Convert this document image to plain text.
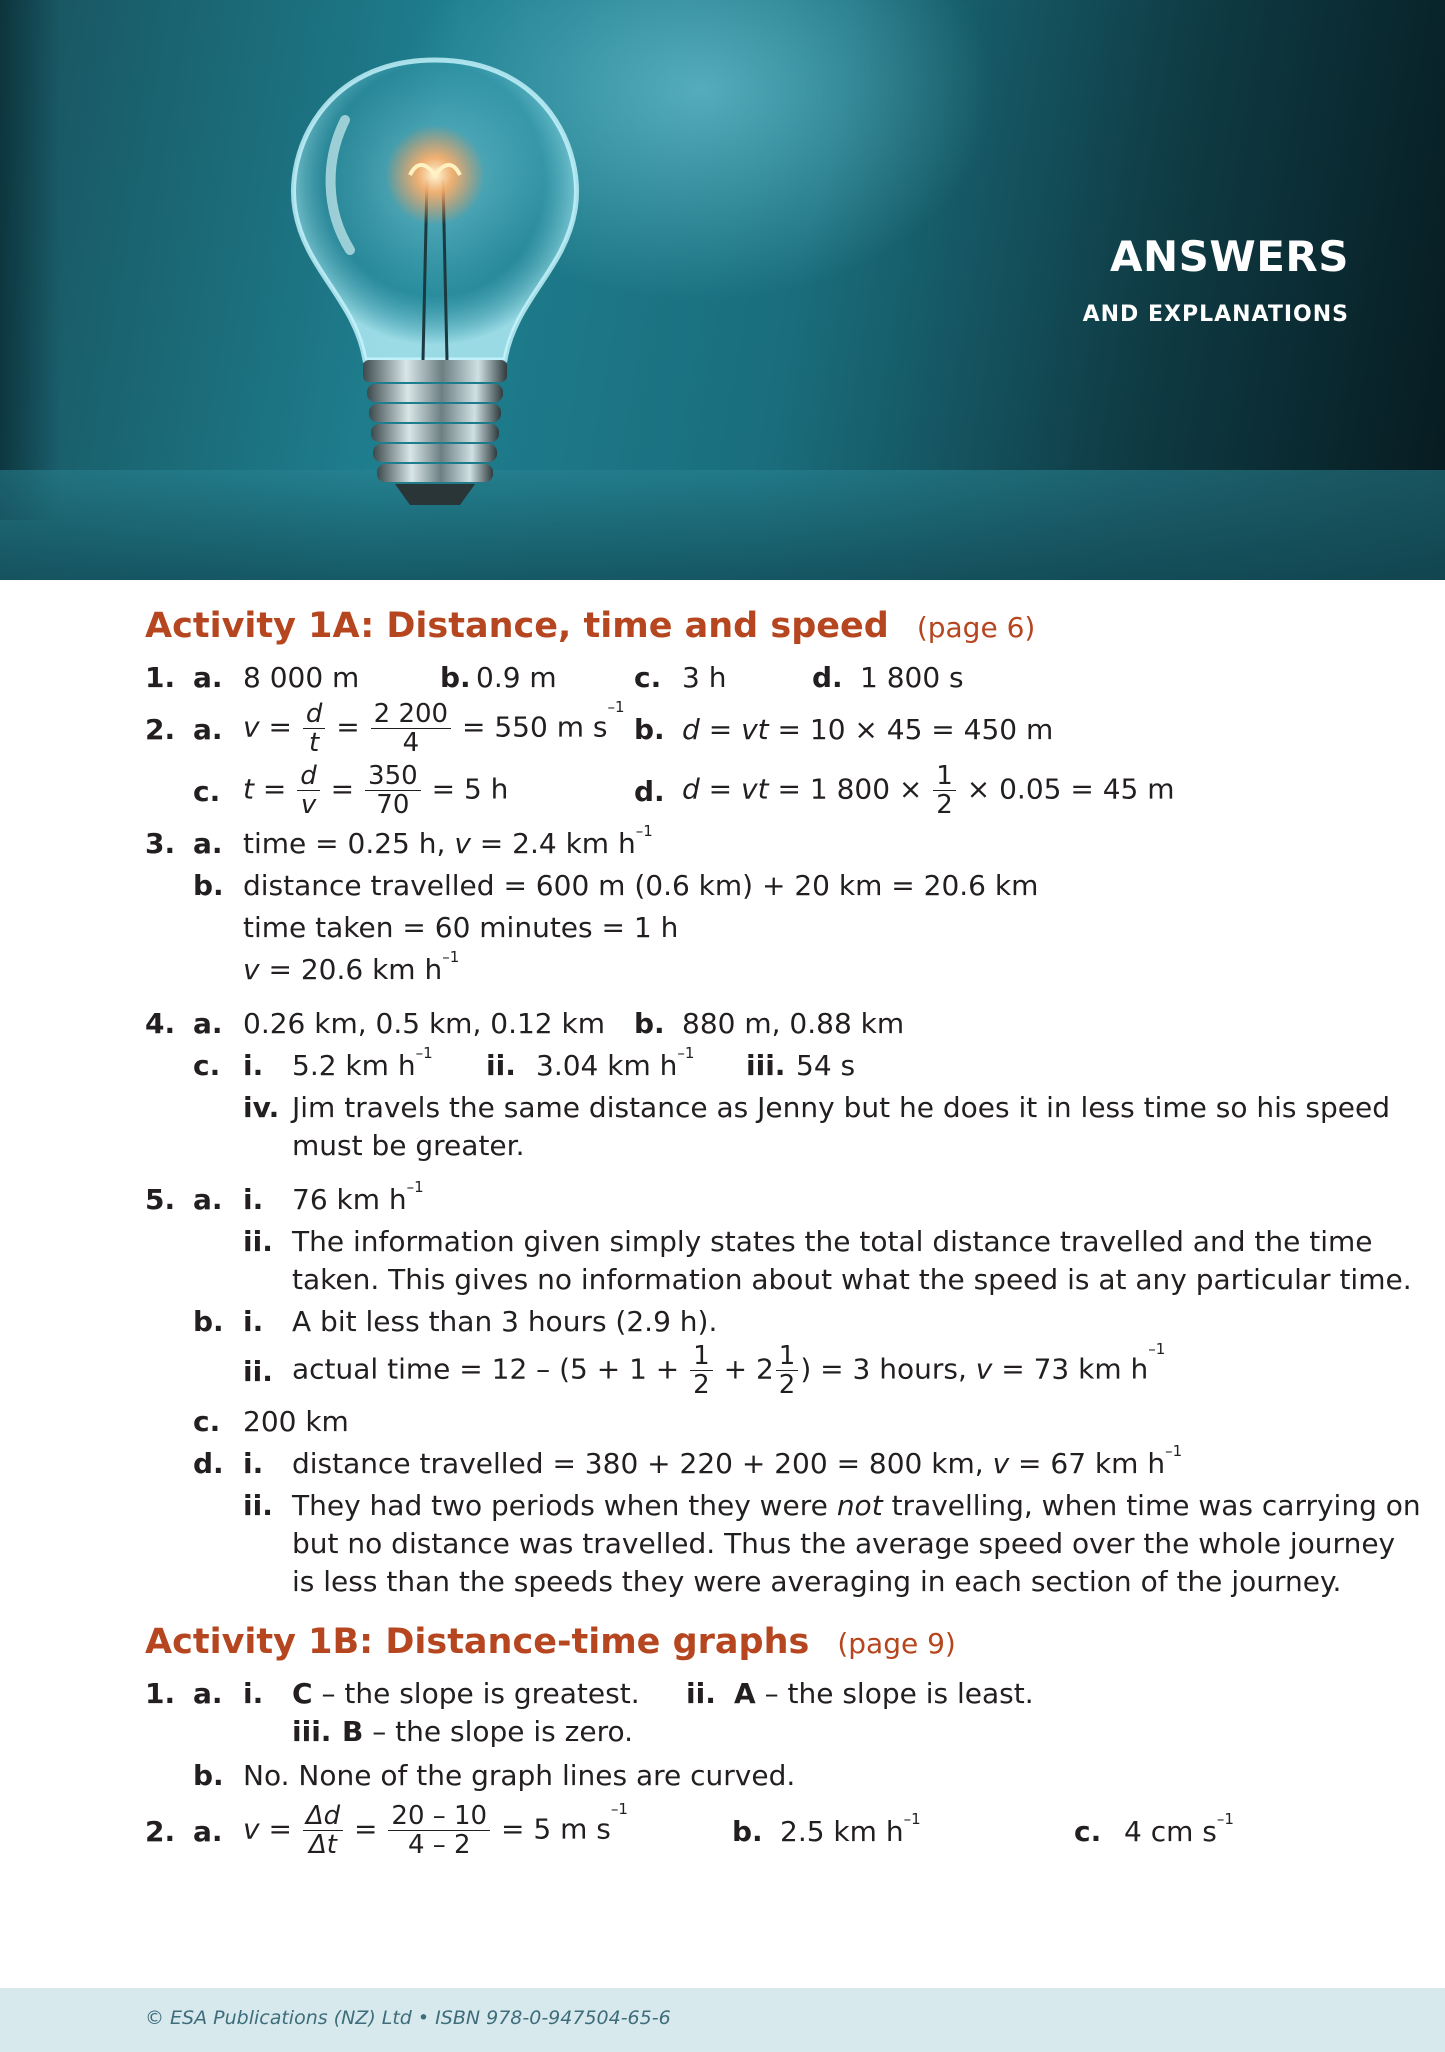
ANSWERS
AND EXPLANATIONS
Activity 1A: Distance, time and speed (page 6)
1. a. 8 000 m	b. 0.9 m	c. 3 h	d. 1 800 s
2. a. $v = \frac{d}{t} = \frac{2 200}{4} = 550$ m $s^{-1}$
b. d = vt = 10 × 45 = 450 m
c. $t = \frac{d}{v} = \frac{350}{70} = 5$ h	d. d = vt = 1 $800 \times \frac{1}{2} \times 0.05 = 45$ m
3. a. time = 0.25 h, v = 2.4 km $h^{-1}$
b. distance travelled = 600 m (0.6 km) + 20 km = 20.6 km
time taken = 60 minutes = 1 h
v = 20.6 km $h^{-1}$
4. a. 0.26 km, 0.5 km, 0.12 km b. 880 m, 0.88 km
c. i. 5.2 km $h^{-1}$ ii. 3.04 km $h^{-1}$ iii. 54 s
iv. Jim travels the same distance as Jenny but he does it in less time so his speed
must be greater.
5. a. i. 76 km $h^{-1}$
ii. The information given simply states the total distance travelled and the time
taken. This gives no information about what the speed is at any particular time.
b. i. A bit less than 3 hours (2.9 h).
ii. actual time = $12 - (5 + 1 + \frac{1}{2} + 2 \frac{1}{2}$ ) = 3 hours, v = 73 km $h^{-1}$
c. 200 km
d. i. distance travelled = 380 + 220 + 200 = 800 km, v = 67 km $h^{-1}$
ii. They had two periods when they were not travelling, when time was carrying on
but no distance was travelled. Thus the average speed over the whole journey
is less than the speeds they were averaging in each section of the journey.
Activity 1B: Distance-time graphs (page 9)
1. a. i. C – the slope is greatest. ii. A – the slope is least.
iii. B – the slope is zero.
b. No. None of the graph lines are curved.
2. a. $v = \frac{\Delta d}{\Delta t} = \frac{20 - 10}{4 - 2} = 5$ m $s^{-1}$
b. 2.5 km $h^{-1}$	c. 4 cm $s^{-1}$
© ESA Publications (NZ) Ltd • ISBN 978-0-947504-65-6
